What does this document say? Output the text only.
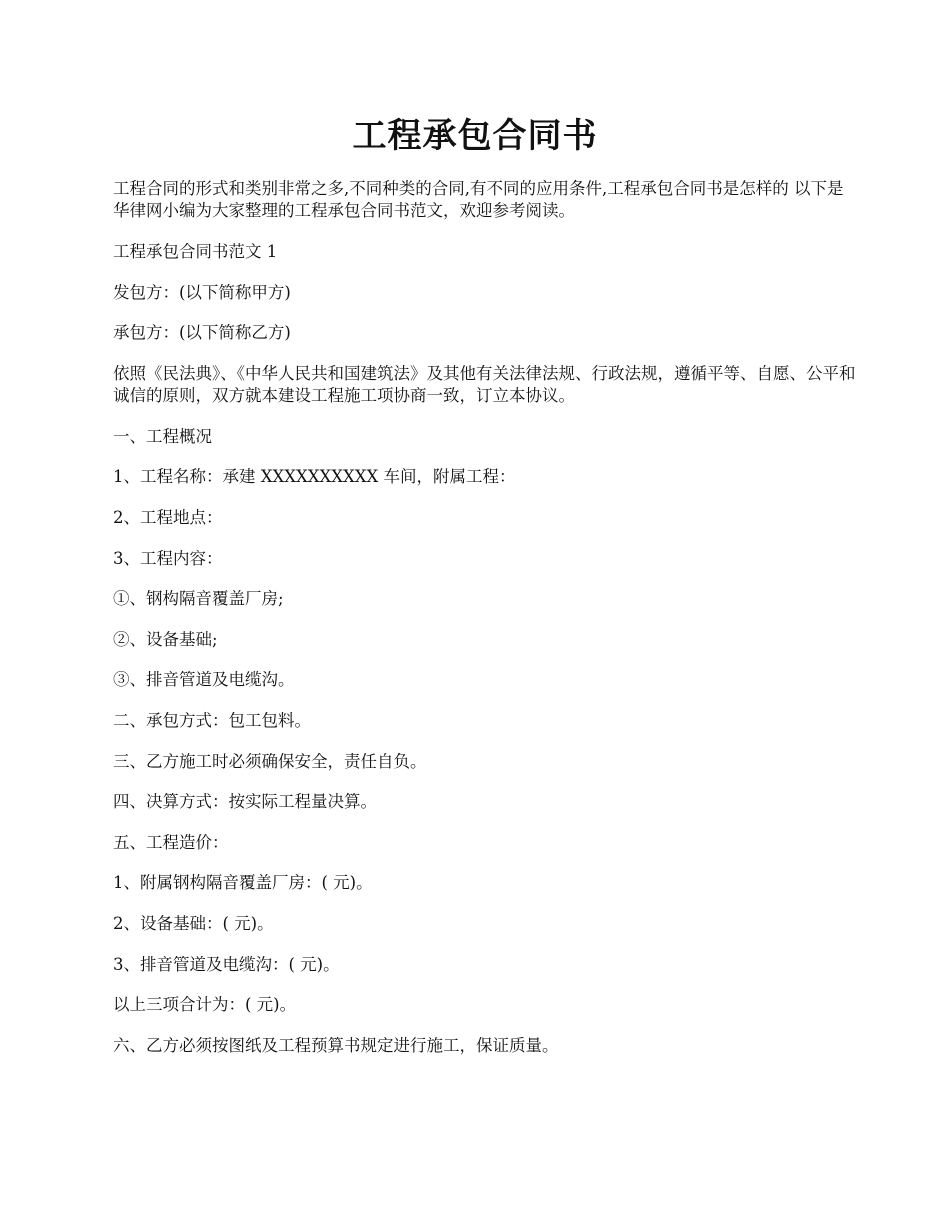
工程承包合同书

工程合同的形式和类别非常之多,不同种类的合同,有不同的应用条件,工程承包合同书是怎样的 以下是华律网小编为大家整理的工程承包合同书范文，欢迎参考阅读。

工程承包合同书范文 1

发包方：(以下简称甲方)

承包方：(以下简称乙方)

依照《民法典》、《中华人民共和国建筑法》及其他有关法律法规、行政法规，遵循平等、自愿、公平和诚信的原则，双方就本建设工程施工项协商一致，订立本协议。

一、工程概况

1、工程名称：承建 XXXXXXXXXX 车间，附属工程：

2、工程地点：

3、工程内容：

①、钢构隔音覆盖厂房;

②、设备基础;

③、排音管道及电缆沟。

二、承包方式：包工包料。

三、乙方施工时必须确保安全，责任自负。

四、决算方式：按实际工程量决算。

五、工程造价：

1、附属钢构隔音覆盖厂房：( 元)。

2、设备基础：( 元)。

3、排音管道及电缆沟：( 元)。

以上三项合计为：( 元)。

六、乙方必须按图纸及工程预算书规定进行施工，保证质量。
